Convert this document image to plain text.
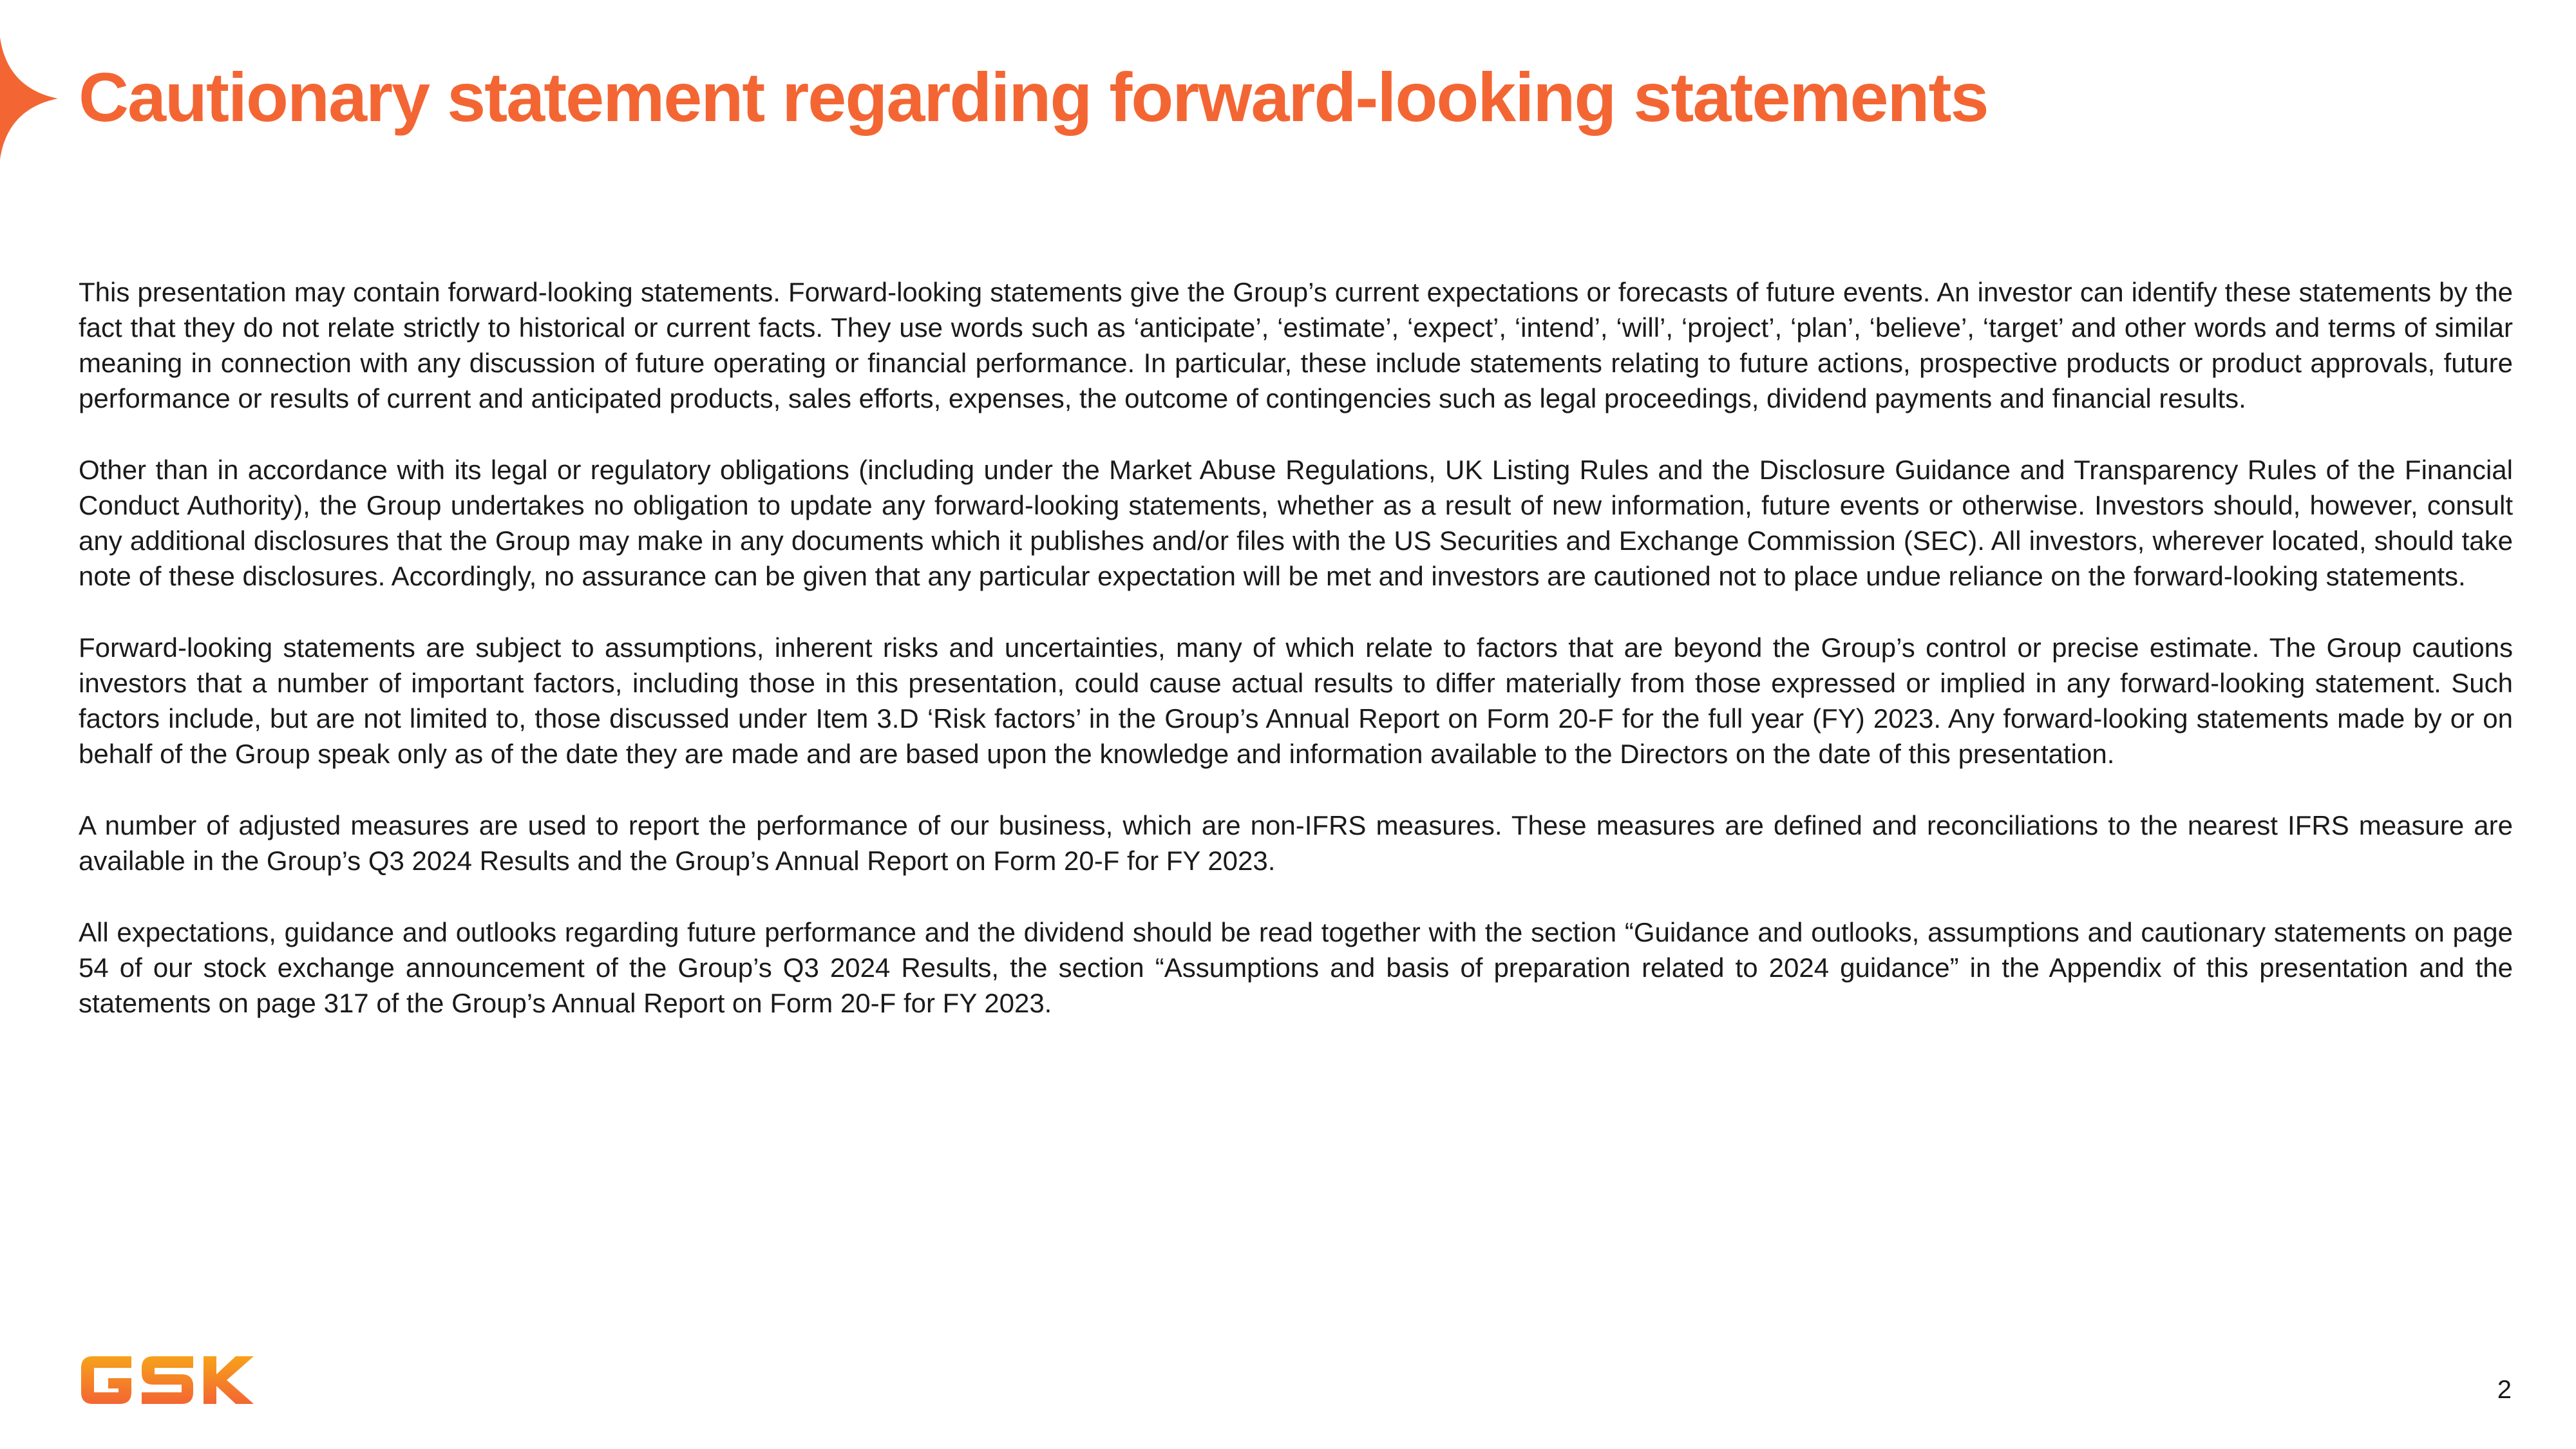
Cautionary statement regarding forward-looking statements

This presentation may contain forward-looking statements. Forward-looking statements give the Group’s current expectations or forecasts of future events. An investor can identify these statements by the fact that they do not relate strictly to historical or current facts. They use words such as ‘anticipate’, ‘estimate’, ‘expect’, ‘intend’, ‘will’, ‘project’, ‘plan’, ‘believe’, ‘target’ and other words and terms of similar meaning in connection with any discussion of future operating or financial performance. In particular, these include statements relating to future actions, prospective products or product approvals, future performance or results of current and anticipated products, sales efforts, expenses, the outcome of contingencies such as legal proceedings, dividend payments and financial results.

Other than in accordance with its legal or regulatory obligations (including under the Market Abuse Regulations, UK Listing Rules and the Disclosure Guidance and Transparency Rules of the Financial Conduct Authority), the Group undertakes no obligation to update any forward-looking statements, whether as a result of new information, future events or otherwise. Investors should, however, consult any additional disclosures that the Group may make in any documents which it publishes and/or files with the US Securities and Exchange Commission (SEC). All investors, wherever located, should take note of these disclosures. Accordingly, no assurance can be given that any particular expectation will be met and investors are cautioned not to place undue reliance on the forward-looking statements.

Forward-looking statements are subject to assumptions, inherent risks and uncertainties, many of which relate to factors that are beyond the Group’s control or precise estimate. The Group cautions investors that a number of important factors, including those in this presentation, could cause actual results to differ materially from those expressed or implied in any forward-looking statement. Such factors include, but are not limited to, those discussed under Item 3.D ‘Risk factors’ in the Group’s Annual Report on Form 20-F for the full year (FY) 2023. Any forward-looking statements made by or on behalf of the Group speak only as of the date they are made and are based upon the knowledge and information available to the Directors on the date of this presentation.

A number of adjusted measures are used to report the performance of our business, which are non-IFRS measures. These measures are defined and reconciliations to the nearest IFRS measure are available in the Group’s Q3 2024 Results and the Group’s Annual Report on Form 20-F for FY 2023.

All expectations, guidance and outlooks regarding future performance and the dividend should be read together with the section “Guidance and outlooks, assumptions and cautionary statements on page 54 of our stock exchange announcement of the Group’s Q3 2024 Results, the section “Assumptions and basis of preparation related to 2024 guidance” in the Appendix of this presentation and the statements on page 317 of the Group’s Annual Report on Form 20-F for FY 2023.

2
